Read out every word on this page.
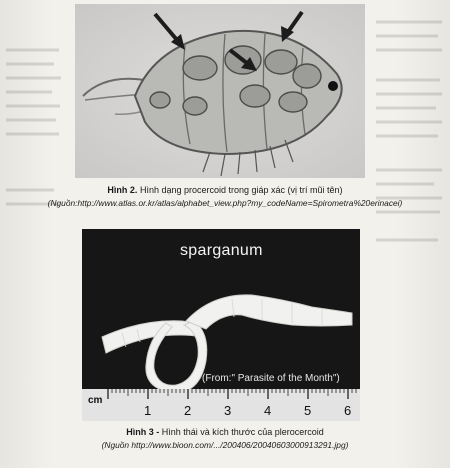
Hình 2. Hình dạng procercoid trong giáp xác (vị trí mũi tên)
(Nguồn:http://www.atlas.or.kr/atlas/alphabet_view.php?my_codeName=Spirometra%20erinacei)
sparganum
(From:" Parasite of the Month")
cm
1	2	3	4	5	6
Hình 3 - Hình thái và kích thước của plerocercoid
(Nguồn http://www.bioon.com/.../200406/20040603000913291.jpg)
